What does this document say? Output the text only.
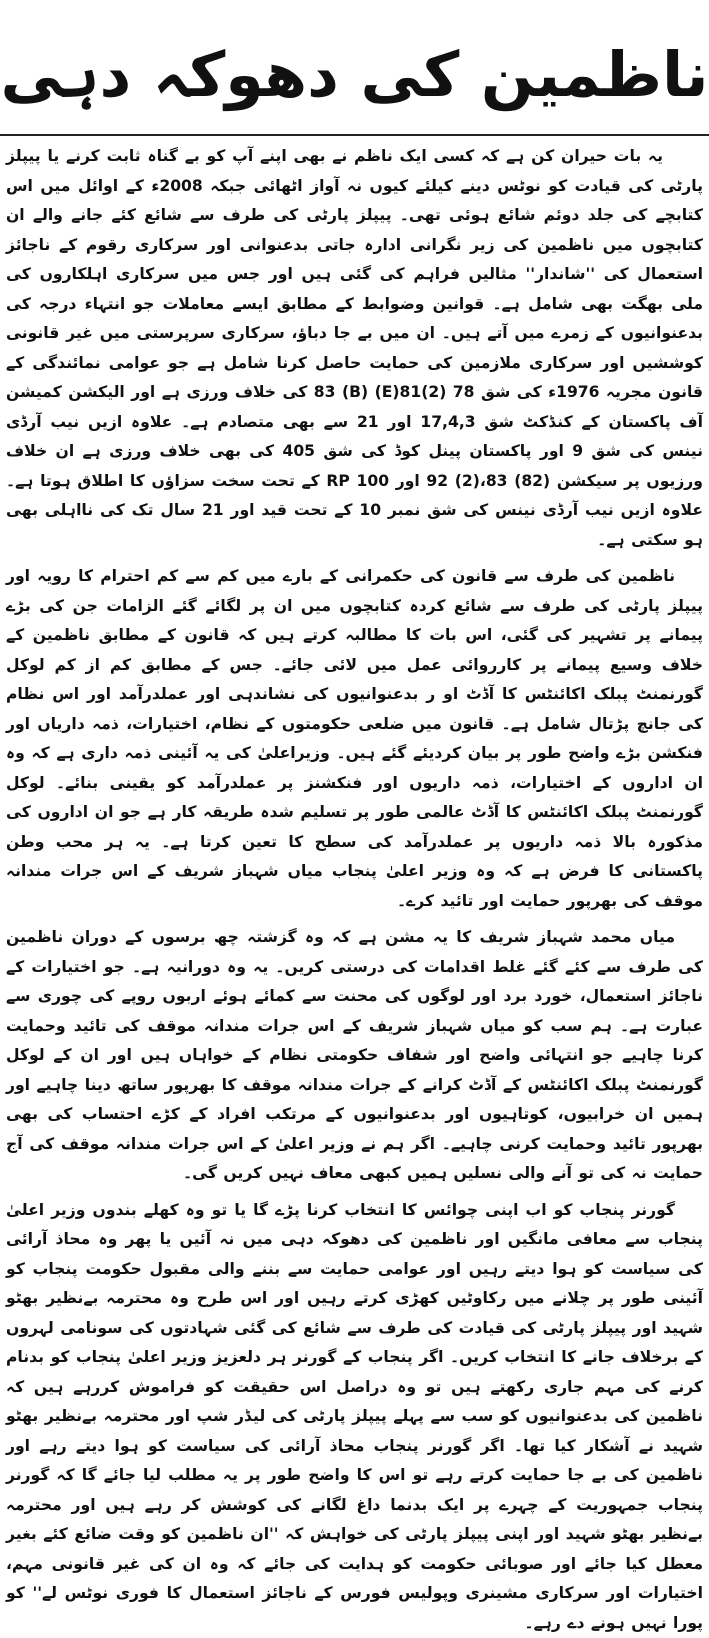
ناظمین کی دھوکہ دہی

یہ بات حیران کن ہے کہ کسی ایک ناظم نے بھی اپنے آپ کو بے گناہ ثابت کرنے یا پیپلز پارٹی کی قیادت کو نوٹس دینے کیلئے کیوں نہ آواز اٹھائی جبکہ 2008ء کے اوائل میں اس کتابچے کی جلد دوئم شائع ہوئی تھی۔ پیپلز پارٹی کی طرف سے شائع کئے جانے والے ان کتابچوں میں ناظمین کی زیر نگرانی ادارہ جاتی بدعنوانی اور سرکاری رقوم کے ناجائز استعمال کی ''شاندار'' مثالیں فراہم کی گئی ہیں اور جس میں سرکاری اہلکاروں کی ملی بھگت بھی شامل ہے۔ قوانین وضوابط کے مطابق ایسے معاملات جو انتہاء درجہ کی بدعنوانیوں کے زمرے میں آتے ہیں۔ ان میں بے جا دباؤ، سرکاری سرپرستی میں غیر قانونی کوششیں اور سرکاری ملازمین کی حمایت حاصل کرنا شامل ہے جو عوامی نمائندگی کے قانون مجریہ 1976ء کی شق 78 (2)81(E) 83 (B) کی خلاف ورزی ہے اور الیکشن کمیشن آف پاکستان کے کنڈکٹ شق 17,4,3 اور 21 سے بھی متصادم ہے۔ علاوہ ازیں نیب آرڈی نینس کی شق 9 اور پاکستان پینل کوڈ کی شق 405 کی بھی خلاف ورزی ہے ان خلاف ورزیوں پر سیکشن (82) 83،(2) 92 اور RP 100 کے تحت سخت سزاؤں کا اطلاق ہوتا ہے۔ علاوہ ازیں نیب آرڈی نینس کی شق نمبر 10 کے تحت قید اور 21 سال تک کی نااہلی بھی ہو سکتی ہے۔

ناظمین کی طرف سے قانون کی حکمرانی کے بارے میں کم سے کم احترام کا رویہ اور پیپلز پارٹی کی طرف سے شائع کردہ کتابچوں میں ان پر لگائے گئے الزامات جن کی بڑے پیمانے پر تشہیر کی گئی، اس بات کا مطالبہ کرتے ہیں کہ قانون کے مطابق ناظمین کے خلاف وسیع پیمانے پر کارروائی عمل میں لائی جائے۔ جس کے مطابق کم از کم لوکل گورنمنٹ پبلک اکائنٹس کا آڈٹ او ر بدعنوانیوں کی نشاندہی اور عملدرآمد اور اس نظام کی جانچ پڑتال شامل ہے۔ قانون میں ضلعی حکومتوں کے نظام، اختیارات، ذمہ داریاں اور فنکشن بڑے واضح طور پر بیان کردیئے گئے ہیں۔ وزیراعلیٰ کی یہ آئینی ذمہ داری ہے کہ وہ ان اداروں کے اختیارات، ذمہ داریوں اور فنکشنز پر عملدرآمد کو یقینی بنائے۔ لوکل گورنمنٹ پبلک اکائنٹس کا آڈٹ عالمی طور پر تسلیم شدہ طریقہ کار ہے جو ان اداروں کی مذکورہ بالا ذمہ داریوں پر عملدرآمد کی سطح کا تعین کرتا ہے۔ یہ ہر محب وطن پاکستانی کا فرض ہے کہ وہ وزیر اعلیٰ پنجاب میاں شہباز شریف کے اس جرات مندانہ موقف کی بھرپور حمایت اور تائید کرے۔

میاں محمد شہباز شریف کا یہ مشن ہے کہ وہ گزشتہ چھ برسوں کے دوران ناظمین کی طرف سے کئے گئے غلط اقدامات کی درستی کریں۔ یہ وہ دورانیہ ہے۔ جو اختیارات کے ناجائز استعمال، خورد برد اور لوگوں کی محنت سے کمائے ہوئے اربوں روپے کی چوری سے عبارت ہے۔ ہم سب کو میاں شہباز شریف کے اس جرات مندانہ موقف کی تائید وحمایت کرنا چاہیے جو انتہائی واضح اور شفاف حکومتی نظام کے خواہاں ہیں اور ان کے لوکل گورنمنٹ پبلک اکائنٹس کے آڈٹ کرانے کے جرات مندانہ موقف کا بھرپور ساتھ دینا چاہیے اور ہمیں ان خرابیوں، کوتاہیوں اور بدعنوانیوں کے مرتکب افراد کے کڑے احتساب کی بھی بھرپور تائید وحمایت کرنی چاہیے۔ اگر ہم نے وزیر اعلیٰ کے اس جرات مندانہ موقف کی آج حمایت نہ کی تو آنے والی نسلیں ہمیں کبھی معاف نہیں کریں گی۔

گورنر پنجاب کو اب اپنی چوائس کا انتخاب کرنا پڑے گا یا تو وہ کھلے بندوں وزیر اعلیٰ پنجاب سے معافی مانگیں اور ناظمین کی دھوکہ دہی میں نہ آئیں یا پھر وہ محاذ آرائی کی سیاست کو ہوا دیتے رہیں اور عوامی حمایت سے بننے والی مقبول حکومت پنجاب کو آئینی طور پر چلانے میں رکاوٹیں کھڑی کرتے رہیں اور اس طرح وہ محترمہ بےنظیر بھٹو شہید اور پیپلز پارٹی کی قیادت کی طرف سے شائع کی گئی شہادتوں کی سونامی لہروں کے برخلاف جانے کا انتخاب کریں۔ اگر پنجاب کے گورنر ہر دلعزیز وزیر اعلیٰ پنجاب کو بدنام کرنے کی مہم جاری رکھتے ہیں تو وہ دراصل اس حقیقت کو فراموش کررہے ہیں کہ ناظمین کی بدعنوانیوں کو سب سے پہلے پیپلز پارٹی کی لیڈر شپ اور محترمہ بےنظیر بھٹو شہید نے آشکار کیا تھا۔ اگر گورنر پنجاب محاذ آرائی کی سیاست کو ہوا دیتے رہے اور ناظمین کی بے جا حمایت کرتے رہے تو اس کا واضح طور پر یہ مطلب لیا جائے گا کہ گورنر پنجاب جمہوریت کے چہرے پر ایک بدنما داغ لگانے کی کوشش کر رہے ہیں اور محترمہ بےنظیر بھٹو شہید اور اپنی پیپلز پارٹی کی خواہش کہ ''ان ناظمین کو وقت ضائع کئے بغیر معطل کیا جائے اور صوبائی حکومت کو ہدایت کی جائے کہ وہ ان کی غیر قانونی مہم، اختیارات اور سرکاری مشینری وپولیس فورس کے ناجائز استعمال کا فوری نوٹس لے'' کو پورا نہیں ہونے دے رہے۔
